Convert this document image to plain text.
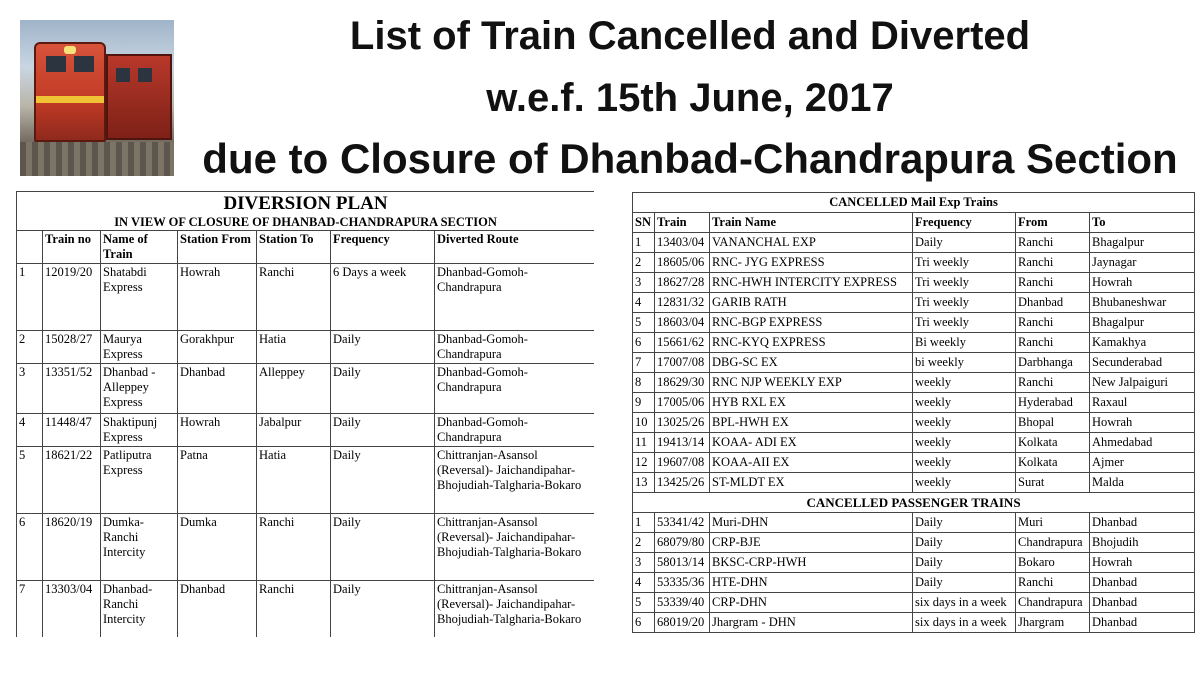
List of Train Cancelled and Diverted
w.e.f. 15th June, 2017
due to Closure of Dhanbad-Chandrapura Section
DIVERSION PLAN
IN VIEW OF CLOSURE OF DHANBAD-CHANDRAPURA SECTION						

	Train no	Name of Train	Station From	Station To	Frequency	Diverted Route
1	12019/20	Shatabdi Express	Howrah	Ranchi	6 Days a week	Dhanbad-Gomoh-Chandrapura
2	15028/27	Maurya Express	Gorakhpur	Hatia	Daily	Dhanbad-Gomoh-Chandrapura
3	13351/52	Dhanbad - Alleppey Express	Dhanbad	Alleppey	Daily	Dhanbad-Gomoh-Chandrapura
4	11448/47	Shaktipunj Express	Howrah	Jabalpur	Daily	Dhanbad-Gomoh-Chandrapura
5	18621/22	Patliputra Express	Patna	Hatia	Daily	Chittranjan-Asansol (Reversal)- Jaichandipahar-Bhojudiah-Talgharia-Bokaro
6	18620/19	Dumka-Ranchi Intercity	Dumka	Ranchi	Daily	Chittranjan-Asansol (Reversal)- Jaichandipahar-Bhojudiah-Talgharia-Bokaro
7	13303/04	Dhanbad-Ranchi Intercity	Dhanbad	Ranchi	Daily	Chittranjan-Asansol (Reversal)- Jaichandipahar-Bhojudiah-Talgharia-Bokaro
CANCELLED Mail Exp Trains					
SN	Train	Train Name	Frequency	From	To
1	13403/04	VANANCHAL EXP	Daily	Ranchi	Bhagalpur
2	18605/06	RNC- JYG EXPRESS	Tri weekly	Ranchi	Jaynagar
3	18627/28	RNC-HWH INTERCITY EXPRESS	Tri weekly	Ranchi	Howrah
4	12831/32	GARIB RATH	Tri weekly	Dhanbad	Bhubaneshwar
5	18603/04	RNC-BGP EXPRESS	Tri weekly	Ranchi	Bhagalpur
6	15661/62	RNC-KYQ EXPRESS	Bi weekly	Ranchi	Kamakhya
7	17007/08	DBG-SC EX	bi weekly	Darbhanga	Secunderabad
8	18629/30	RNC NJP WEEKLY EXP	weekly	Ranchi	New Jalpaiguri
9	17005/06	HYB RXL EX	weekly	Hyderabad	Raxaul
10	13025/26	BPL-HWH EX	weekly	Bhopal	Howrah
11	19413/14	KOAA- ADI EX	weekly	Kolkata	Ahmedabad
12	19607/08	KOAA-AII EX	weekly	Kolkata	Ajmer
13	13425/26	ST-MLDT EX	weekly	Surat	Malda
CANCELLED PASSENGER TRAINS					
1	53341/42	Muri-DHN	Daily	Muri	Dhanbad
2	68079/80	CRP-BJE	Daily	Chandrapura	Bhojudih
3	58013/14	BKSC-CRP-HWH	Daily	Bokaro	Howrah
4	53335/36	HTE-DHN	Daily	Ranchi	Dhanbad
5	53339/40	CRP-DHN	six days in a week	Chandrapura	Dhanbad
6	68019/20	Jhargram - DHN	six days in a week	Jhargram	Dhanbad
